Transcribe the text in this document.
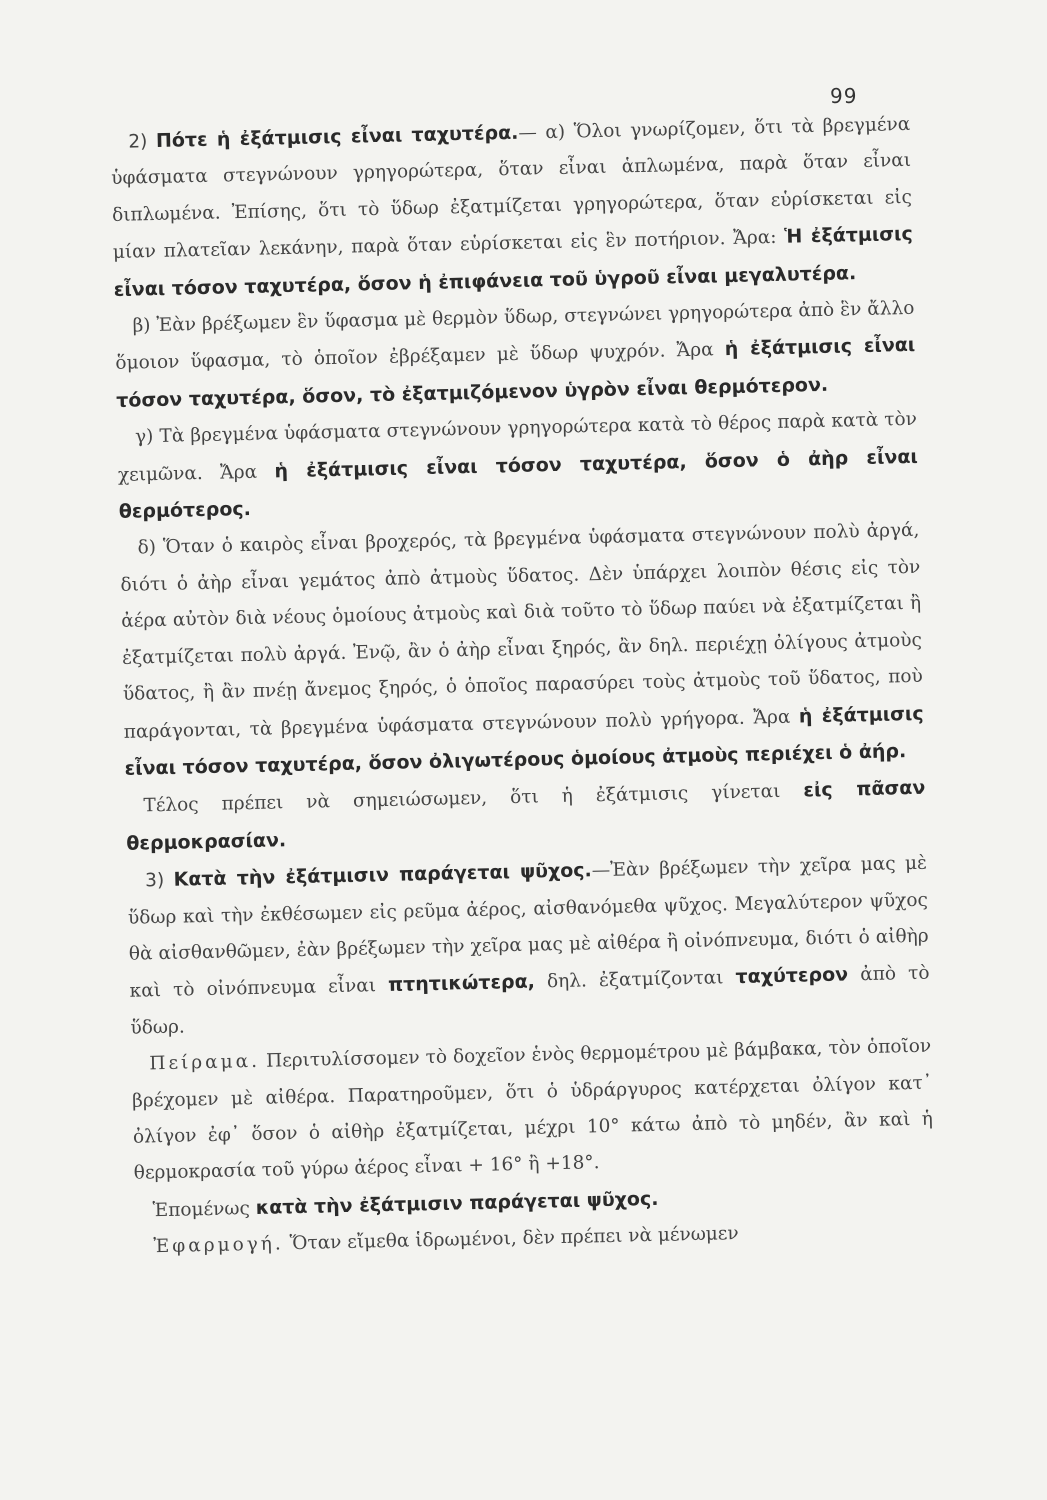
99

2) Πότε ἡ ἐξάτμισις εἶναι ταχυτέρα.— α) Ὅλοι γνωρίζομεν, ὅτι τὰ βρεγμένα ὑφάσματα στεγνώνουν γρηγορώτερα, ὅταν εἶναι ἁπλωμένα, παρὰ ὅταν εἶναι διπλωμένα. Ἐπίσης, ὅτι τὸ ὕδωρ ἐξατμίζεται γρηγορώτερα, ὅταν εὑρίσκεται εἰς μίαν πλατεῖαν λεκάνην, παρὰ ὅταν εὑρίσκεται εἰς ἓν ποτήριον. Ἄρα: Ἡ ἐξάτμισις εἶναι τόσον ταχυτέρα, ὅσον ἡ ἐπιφάνεια τοῦ ὑγροῦ εἶναι μεγαλυτέρα.

β) Ἐὰν βρέξωμεν ἓν ὕφασμα μὲ θερμὸν ὕδωρ, στεγνώνει γρηγορώτερα ἀπὸ ἓν ἄλλο ὅμοιον ὕφασμα, τὸ ὁποῖον ἐβρέξαμεν μὲ ὕδωρ ψυχρόν. Ἄρα ἡ ἐξάτμισις εἶναι τόσον ταχυτέρα, ὅσον, τὸ ἐξατμιζόμενον ὑγρὸν εἶναι θερμότερον.

γ) Τὰ βρεγμένα ὑφάσματα στεγνώνουν γρηγορώτερα κατὰ τὸ θέρος παρὰ κατὰ τὸν χειμῶνα. Ἄρα ἡ ἐξάτμισις εἶναι τόσον ταχυτέρα, ὅσον ὁ ἀὴρ εἶναι θερμότερος.

δ) Ὅταν ὁ καιρὸς εἶναι βροχερός, τὰ βρεγμένα ὑφάσματα στεγνώνουν πολὺ ἀργά, διότι ὁ ἀὴρ εἶναι γεμάτος ἀπὸ ἀτμοὺς ὕδατος. Δὲν ὑπάρχει λοιπὸν θέσις εἰς τὸν ἀέρα αὐτὸν διὰ νέους ὁμοίους ἀτμοὺς καὶ διὰ τοῦτο τὸ ὕδωρ παύει νὰ ἐξατμίζεται ἢ ἐξατμίζεται πολὺ ἀργά. Ἐνῷ, ἂν ὁ ἀὴρ εἶναι ξηρός, ἂν δηλ. περιέχῃ ὀλίγους ἀτμοὺς ὕδατος, ἢ ἂν πνέῃ ἄνεμος ξηρός, ὁ ὁποῖος παρασύρει τοὺς ἀτμοὺς τοῦ ὕδατος, ποὺ παράγονται, τὰ βρεγμένα ὑφάσματα στεγνώνουν πολὺ γρήγορα. Ἄρα ἡ ἐξάτμισις εἶναι τόσον ταχυτέρα, ὅσον ὀλιγωτέρους ὁμοίους ἀτμοὺς περιέχει ὁ ἀήρ.

Τέλος πρέπει νὰ σημειώσωμεν, ὅτι ἡ ἐξάτμισις γίνεται εἰς πᾶσαν θερμοκρασίαν.

3) Κατὰ τὴν ἐξάτμισιν παράγεται ψῦχος.—Ἐὰν βρέξωμεν τὴν χεῖρα μας μὲ ὕδωρ καὶ τὴν ἐκθέσωμεν εἰς ρεῦμα ἀέρος, αἰσθανόμεθα ψῦχος. Μεγαλύτερον ψῦχος θὰ αἰσθανθῶμεν, ἐὰν βρέξωμεν τὴν χεῖρα μας μὲ αἰθέρα ἢ οἰνόπνευμα, διότι ὁ αἰθὴρ καὶ τὸ οἰνόπνευμα εἶναι πτητικώτερα, δηλ. ἐξατμίζονται ταχύτερον ἀπὸ τὸ ὕδωρ.

Πείραμα. Περιτυλίσσομεν τὸ δοχεῖον ἑνὸς θερμομέτρου μὲ βάμβακα, τὸν ὁποῖον βρέχομεν μὲ αἰθέρα. Παρατηροῦμεν, ὅτι ὁ ὑδράργυρος κατέρχεται ὀλίγον κατ᾽ ὀλίγον ἐφ᾽ ὅσον ὁ αἰθὴρ ἐξατμίζεται, μέχρι 10° κάτω ἀπὸ τὸ μηδέν, ἂν καὶ ἡ θερμοκρασία τοῦ γύρω ἀέρος εἶναι + 16° ἢ +18°.

Ἑπομένως κατὰ τὴν ἐξάτμισιν παράγεται ψῦχος.

Ἐφαρμογή. Ὅταν εἴμεθα ἱδρωμένοι, δὲν πρέπει νὰ μένωμεν
